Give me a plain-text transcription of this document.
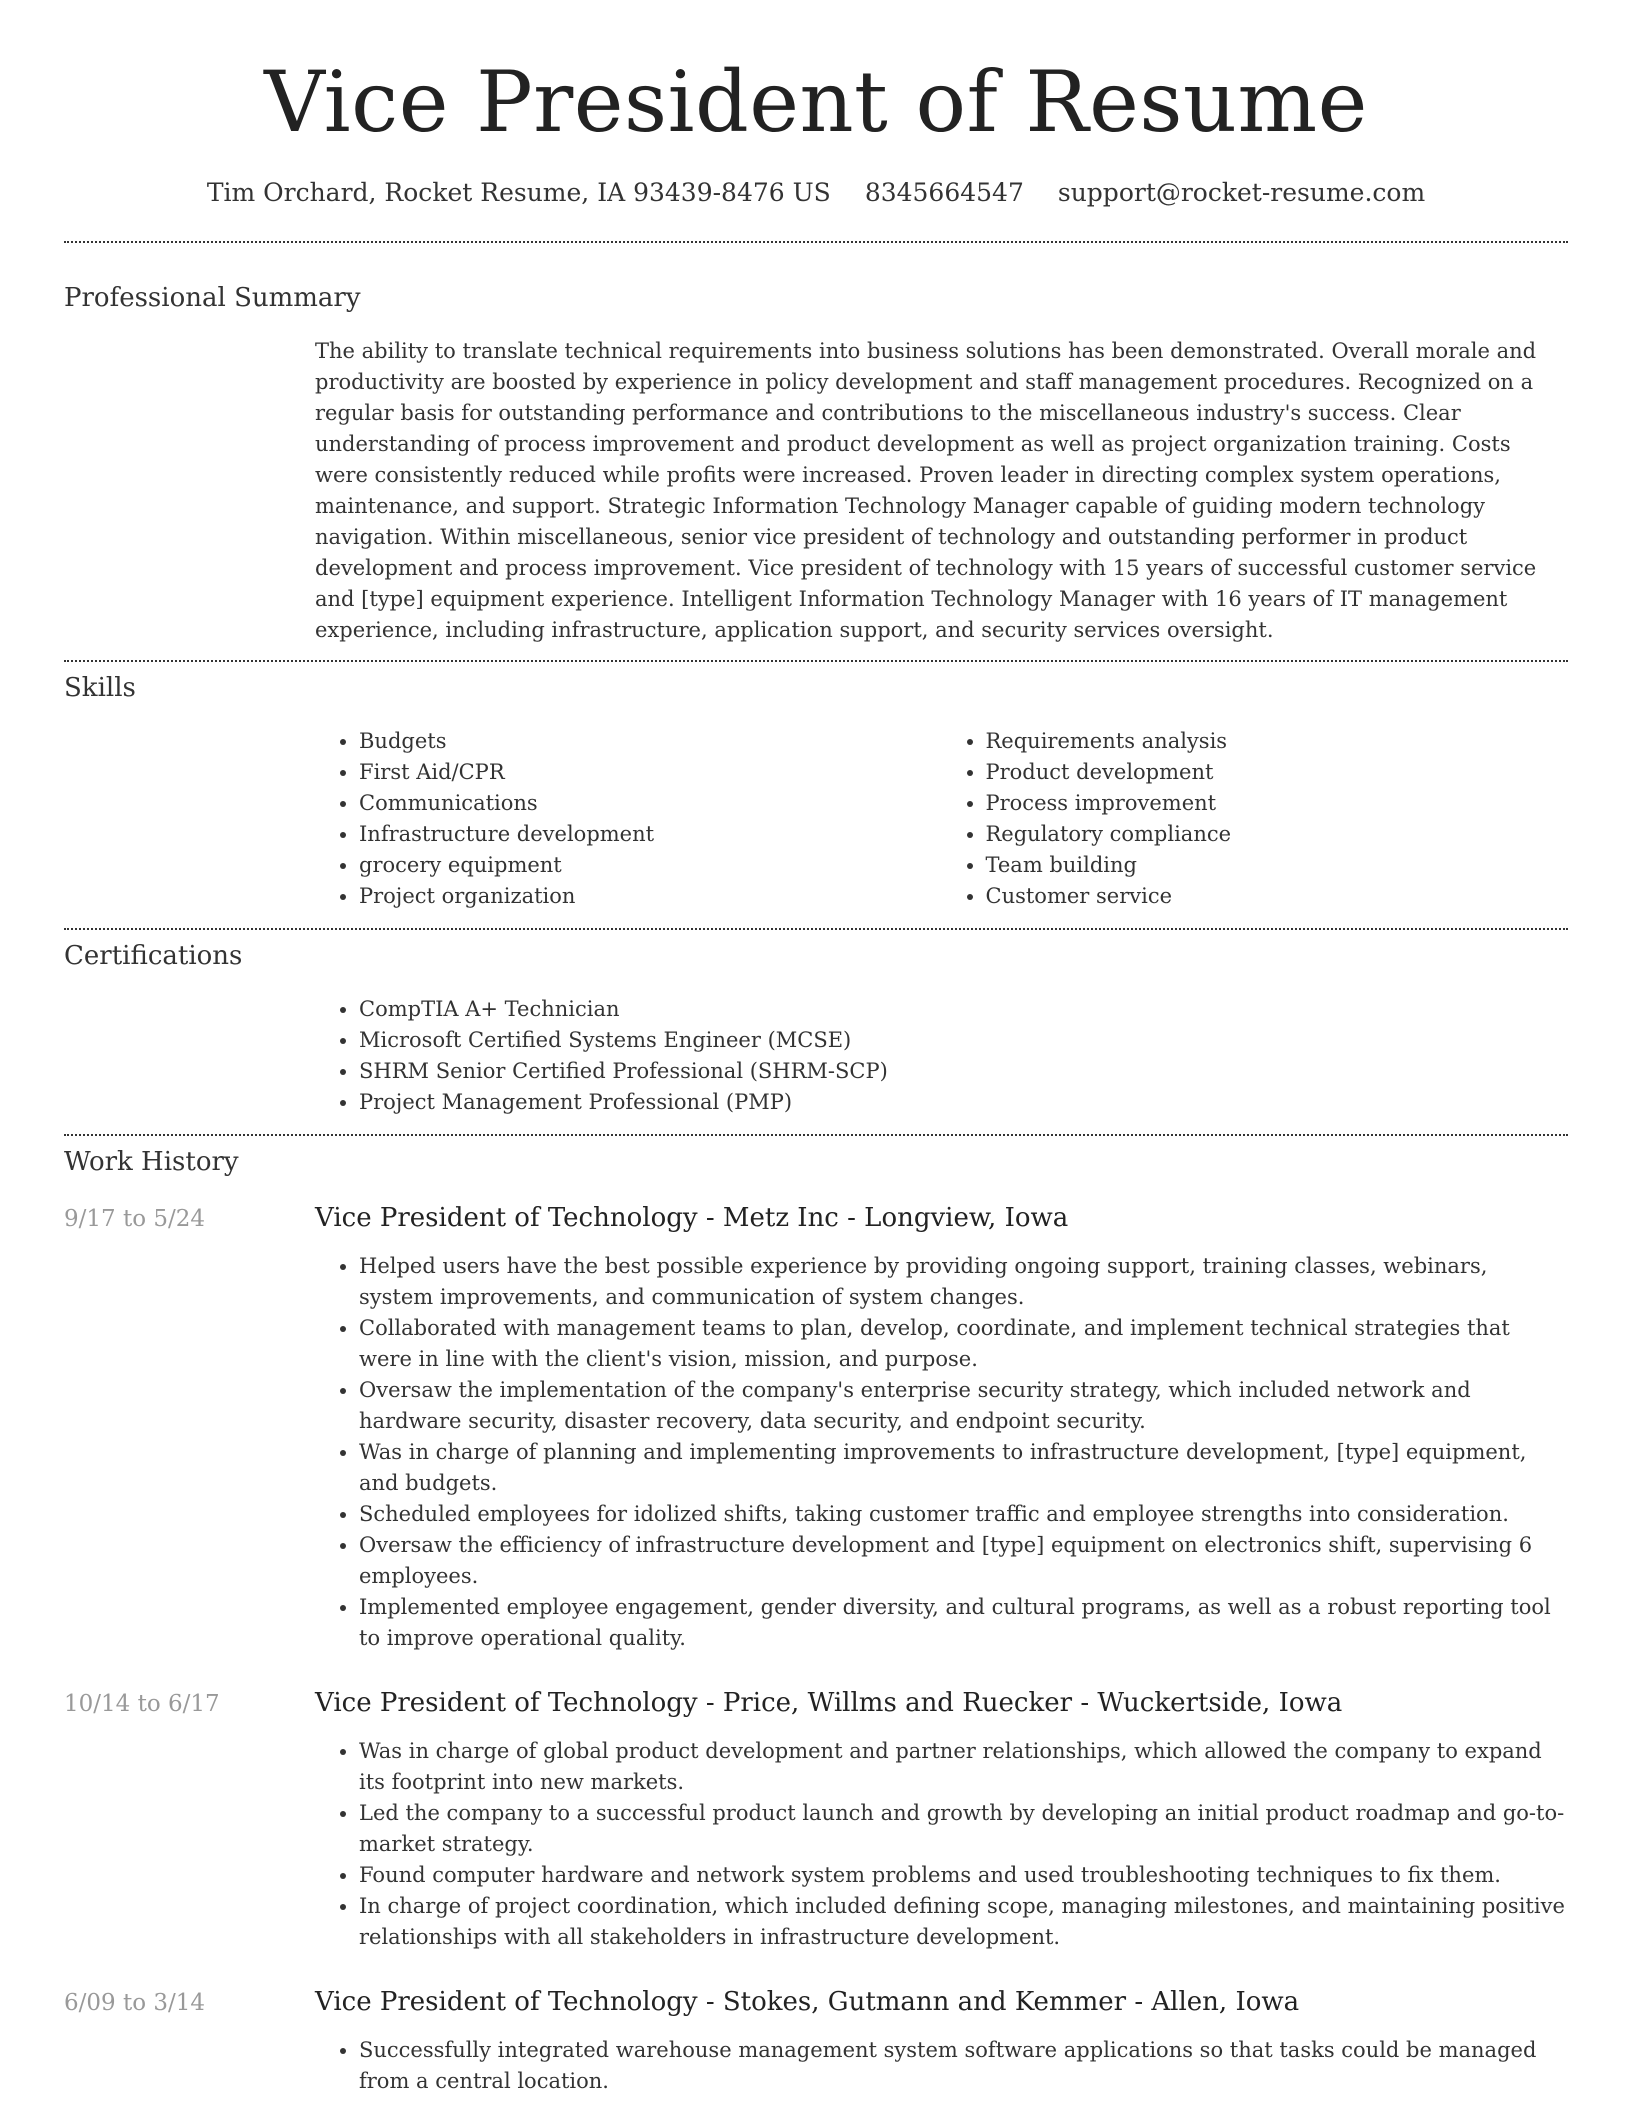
Vice President of Resume
Tim Orchard, Rocket Resume, IA 93439-8476 US 8345664547 support@rocket-resume.com
Professional Summary

The ability to translate technical requirements into business solutions has been demonstrated. Overall morale and productivity are boosted by experience in policy development and staff management procedures. Recognized on a regular basis for outstanding performance and contributions to the miscellaneous industry's success. Clear understanding of process improvement and product development as well as project organization training. Costs were consistently reduced while profits were increased. Proven leader in directing complex system operations, maintenance, and support. Strategic Information Technology Manager capable of guiding modern technology navigation. Within miscellaneous, senior vice president of technology and outstanding performer in product development and process improvement. Vice president of technology with 15 years of successful customer service and [type] equipment experience. Intelligent Information Technology Manager with 16 years of IT management experience, including infrastructure, application support, and security services oversight.

Skills
• Budgets
• First Aid/CPR
• Communications
• Infrastructure development
• grocery equipment
• Project organization
• Requirements analysis
• Product development
• Process improvement
• Regulatory compliance
• Team building
• Customer service
Certifications
• CompTIA A+ Technician
• Microsoft Certified Systems Engineer (MCSE)
• SHRM Senior Certified Professional (SHRM-SCP)
• Project Management Professional (PMP)
Work History
9/17 to 5/24	Vice President of Technology - Metz Inc - Longview, Iowa
• Helped users have the best possible experience by providing ongoing support, training classes, webinars, system improvements, and communication of system changes.
• Collaborated with management teams to plan, develop, coordinate, and implement technical strategies that were in line with the client's vision, mission, and purpose.
• Oversaw the implementation of the company's enterprise security strategy, which included network and hardware security, disaster recovery, data security, and endpoint security.
• Was in charge of planning and implementing improvements to infrastructure development, [type] equipment, and budgets.
• Scheduled employees for idolized shifts, taking customer traffic and employee strengths into consideration.
• Oversaw the efficiency of infrastructure development and [type] equipment on electronics shift, supervising 6 employees.
• Implemented employee engagement, gender diversity, and cultural programs, as well as a robust reporting tool to improve operational quality.
10/14 to 6/17	Vice President of Technology - Price, Willms and Ruecker - Wuckertside, Iowa
• Was in charge of global product development and partner relationships, which allowed the company to expand its footprint into new markets.
• Led the company to a successful product launch and growth by developing an initial product roadmap and go-to-market strategy.
• Found computer hardware and network system problems and used troubleshooting techniques to fix them.
• In charge of project coordination, which included defining scope, managing milestones, and maintaining positive relationships with all stakeholders in infrastructure development.
6/09 to 3/14	Vice President of Technology - Stokes, Gutmann and Kemmer - Allen, Iowa
• Successfully integrated warehouse management system software applications so that tasks could be managed from a central location.
